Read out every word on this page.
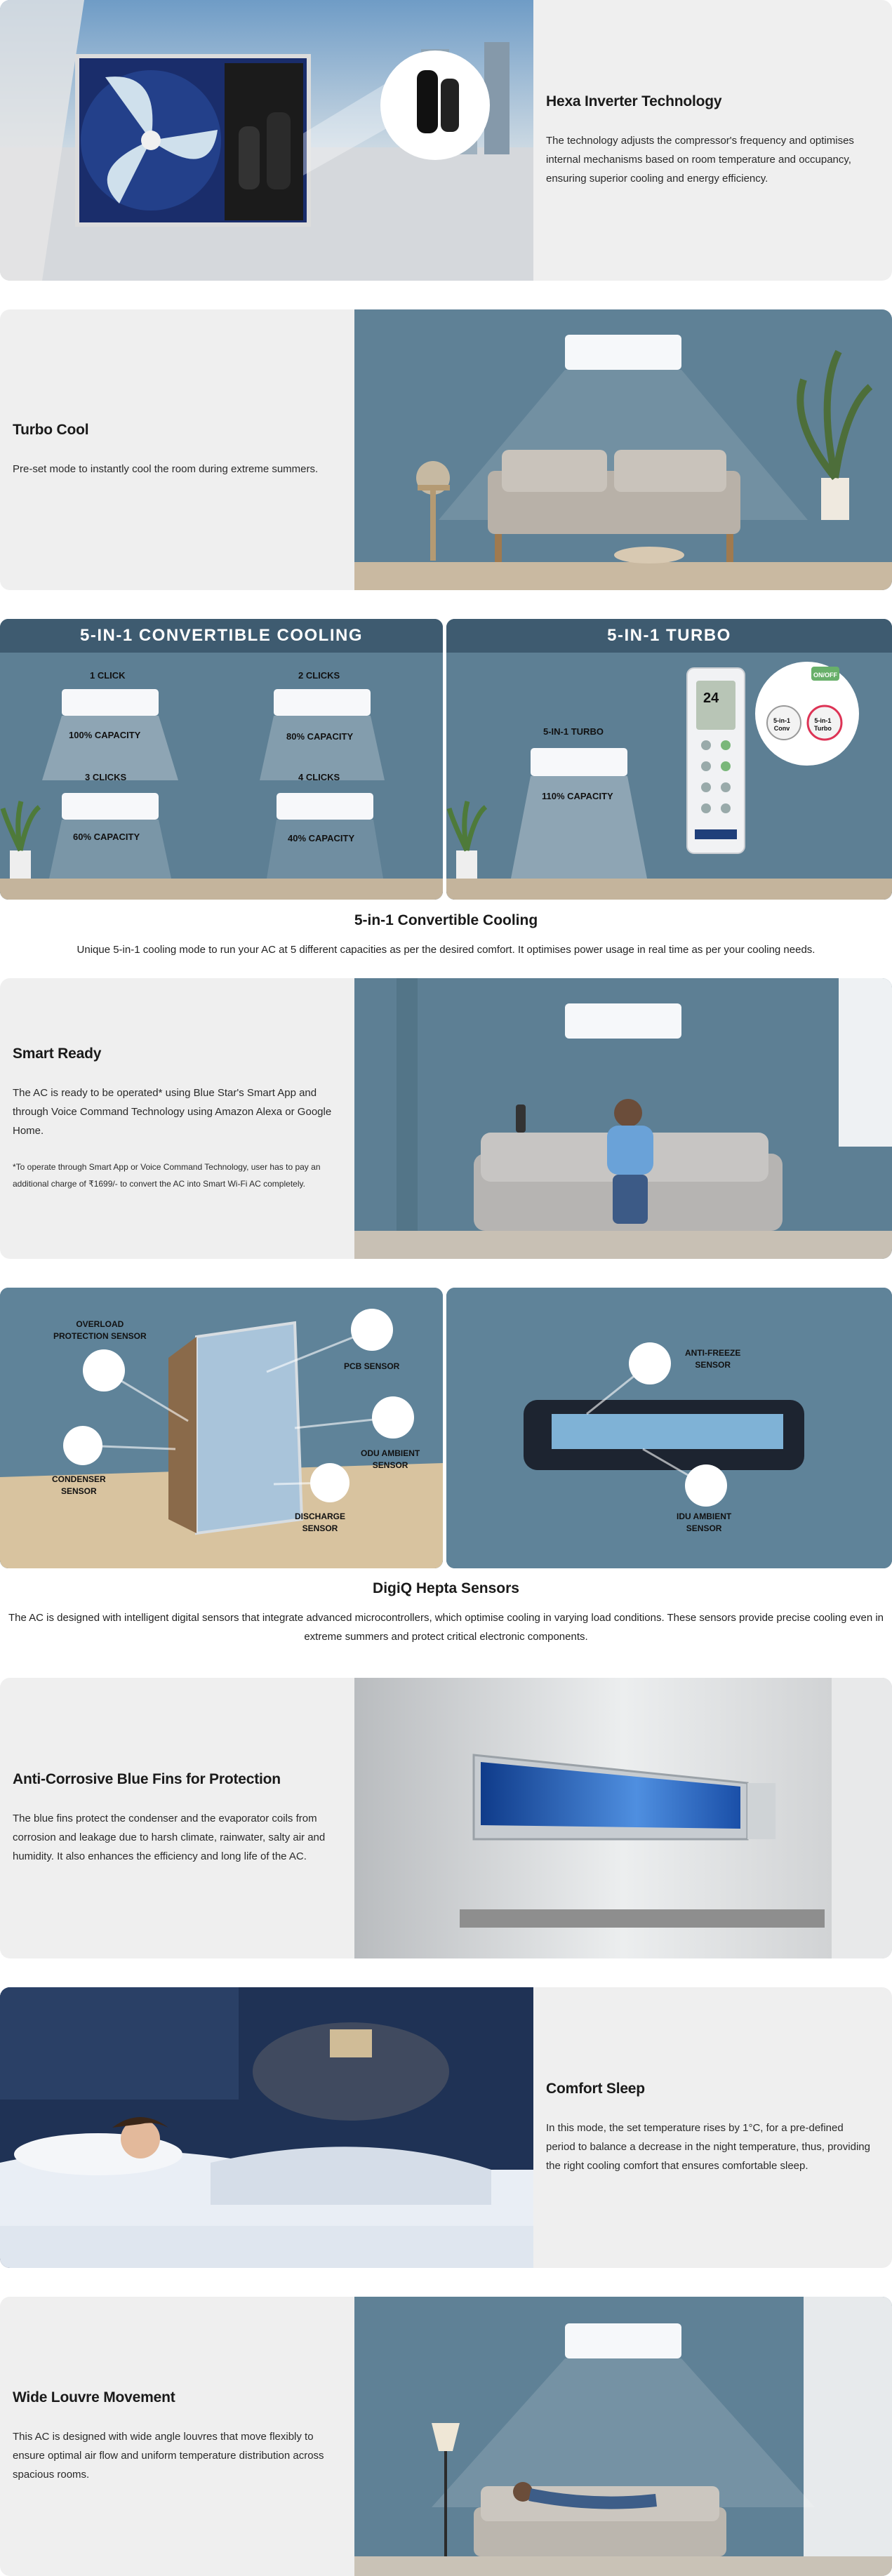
Hexa Inverter Technology

The technology adjusts the compressor's frequency and optimises internal mechanisms based on room temperature and occupancy, ensuring superior cooling and energy efficiency.

Turbo Cool

Pre-set mode to instantly cool the room during extreme summers.

5-IN-1 CONVERTIBLE COOLING
1 CLICK	2 CLICKS
100% CAPACITY	80% CAPACITY
3 CLICKS	4 CLICKS
60% CAPACITY	40% CAPACITY
5-IN-1 TURBO
5-IN-1 TURBO
110% CAPACITY
24
ON/OFF
5-in-1
Conv
5-in-1
Turbo
5-in-1 Convertible Cooling

Unique 5-in-1 cooling mode to run your AC at 5 different capacities as per the desired comfort. It optimises power usage in real time as per your cooling needs.

Smart Ready

The AC is ready to be operated* using Blue Star's Smart App and through Voice Command Technology using Amazon Alexa or Google Home.

*To operate through Smart App or Voice Command Technology, user has to pay an additional charge of ₹1699/- to convert the AC into Smart Wi-Fi AC completely.

OVERLOAD
PROTECTION SENSOR
PCB SENSOR
ODU AMBIENT
SENSOR
CONDENSER
SENSOR
DISCHARGE
SENSOR
ANTI-FREEZE
SENSOR
IDU AMBIENT
SENSOR
DigiQ Hepta Sensors

The AC is designed with intelligent digital sensors that integrate advanced microcontrollers, which optimise cooling in varying load conditions. These sensors provide precise cooling even in extreme summers and protect critical electronic components.

Anti-Corrosive Blue Fins for Protection

The blue fins protect the condenser and the evaporator coils from corrosion and leakage due to harsh climate, rainwater, salty air and humidity. It also enhances the efficiency and long life of the AC.

Comfort Sleep

In this mode, the set temperature rises by 1°C, for a pre-defined period to balance a decrease in the night temperature, thus, providing the right cooling comfort that ensures comfortable sleep.

Wide Louvre Movement

This AC is designed with wide angle louvres that move flexibly to ensure optimal air flow and uniform temperature distribution across spacious rooms.
